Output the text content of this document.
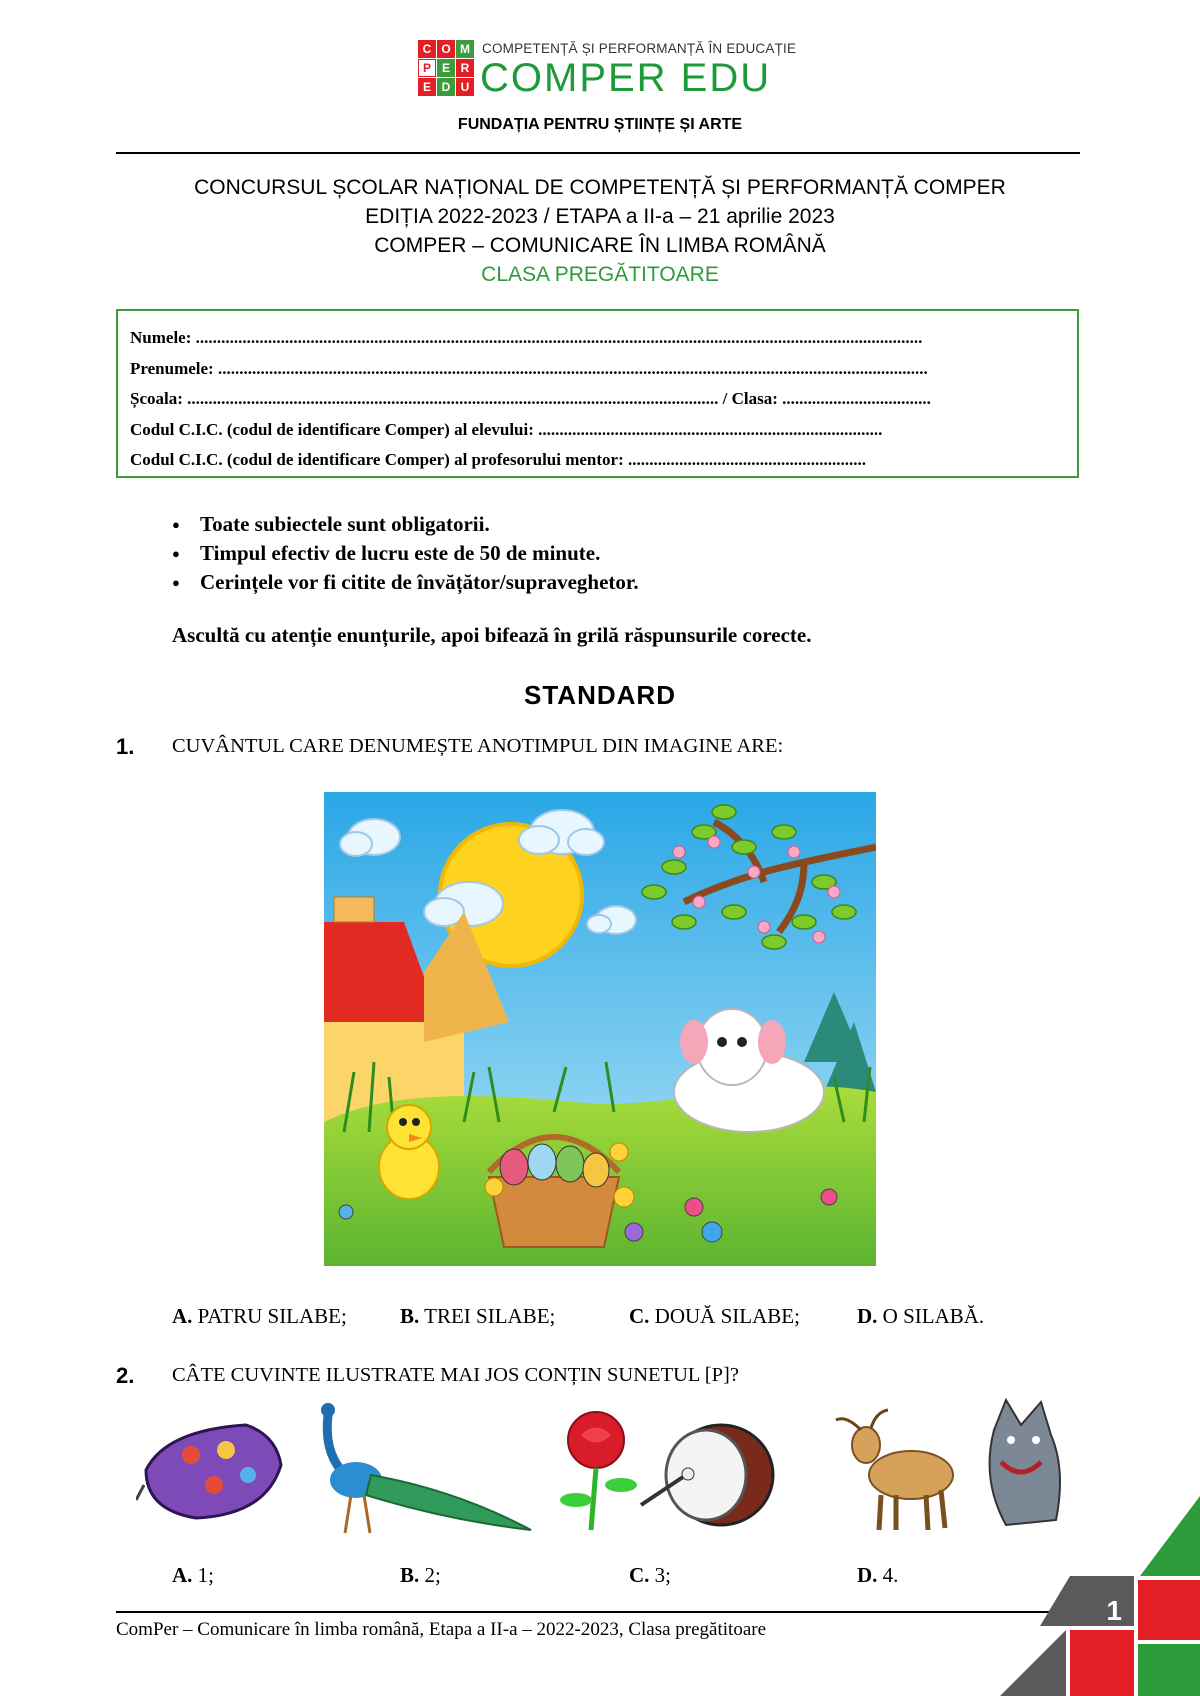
C O M
P E R
E D U
COMPETENȚĂ ȘI PERFORMANȚĂ ÎN EDUCAȚIE
COMPER EDU
FUNDAȚIA PENTRU ȘTIINȚE ȘI ARTE
CONCURSUL ȘCOLAR NAȚIONAL DE COMPETENȚĂ ȘI PERFORMANȚĂ COMPER
EDIȚIA 2022-2023 / ETAPA a II-a – 21 aprilie 2023
COMPER – COMUNICARE ÎN LIMBA ROMÂNĂ
CLASA PREGĂTITOARE
Numele: ...........................................................................................................................................................................
Prenumele: .......................................................................................................................................................................
Școala: ............................................................................................................................. / Clasa: ...................................
Codul C.I.C. (codul de identificare Comper) al elevului: .................................................................................
Codul C.I.C. (codul de identificare Comper) al profesorului mentor: ........................................................
● Toate subiectele sunt obligatorii.
● Timpul efectiv de lucru este de 50 de minute.
● Cerințele vor fi citite de învățător/supraveghetor.
Ascultă cu atenție enunțurile, apoi bifează în grilă răspunsurile corecte.
STANDARD
1. CUVÂNTUL CARE DENUMEȘTE ANOTIMPUL DIN IMAGINE ARE:
A. PATRU SILABE;	B. TREI SILABE;	C. DOUĂ SILABE;	D. O SILABĂ.
2. CÂTE CUVINTE ILUSTRATE MAI JOS CONȚIN SUNETUL [P]?
A. 1;	B. 2;	C. 3;	D. 4.
ComPer – Comunicare în limba română, Etapa a II-a – 2022-2023, Clasa pregătitoare
1
